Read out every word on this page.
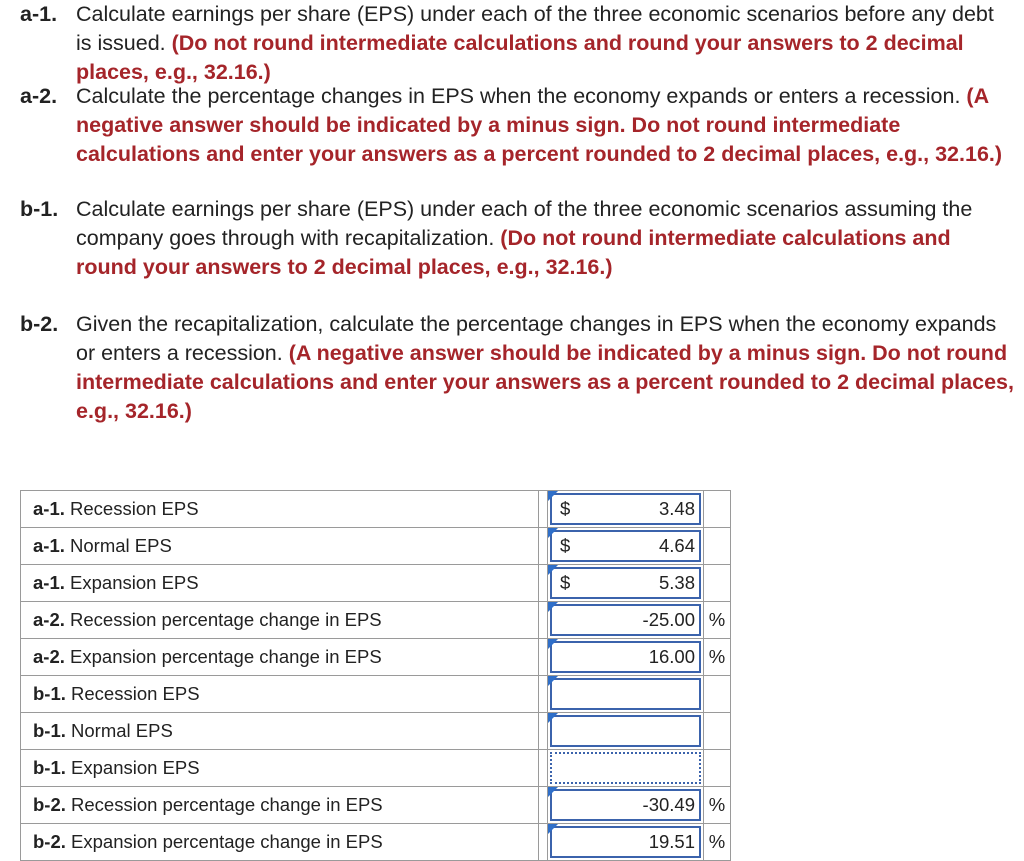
a-1. Calculate earnings per share (EPS) under each of the three economic scenarios before any debt is issued. (Do not round intermediate calculations and round your answers to 2 decimal places, e.g., 32.16.)
a-2. Calculate the percentage changes in EPS when the economy expands or enters a recession. (A negative answer should be indicated by a minus sign. Do not round intermediate calculations and enter your answers as a percent rounded to 2 decimal places, e.g., 32.16.)
b-1. Calculate earnings per share (EPS) under each of the three economic scenarios assuming the company goes through with recapitalization. (Do not round intermediate calculations and round your answers to 2 decimal places, e.g., 32.16.)
b-2. Given the recapitalization, calculate the percentage changes in EPS when the economy expands or enters a recession. (A negative answer should be indicated by a minus sign. Do not round intermediate calculations and enter your answers as a percent rounded to 2 decimal places, e.g., 32.16.)
a-1. Recession EPS		$ 3.48	

a-1. Normal EPS		$ 4.64	

a-1. Expansion EPS		$ 5.38	

a-2. Recession percentage change in EPS		-25.00	%
a-2. Expansion percentage change in EPS		16.00	%
b-1. Recession EPS		

b-1. Normal EPS		

b-1. Expansion EPS		

b-2. Recession percentage change in EPS		-30.49	%
b-2. Expansion percentage change in EPS		19.51	%
